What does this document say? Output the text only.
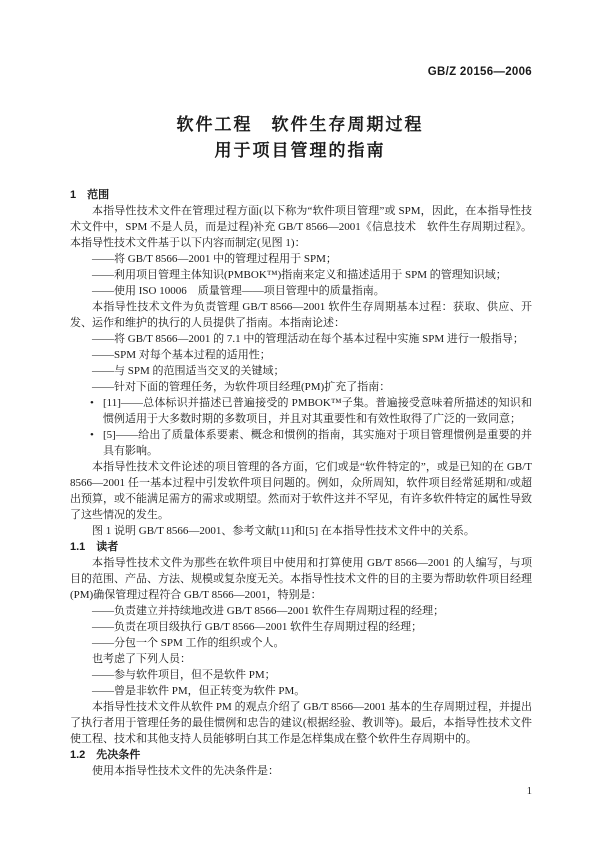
GB/Z 20156—2006
软件工程　软件生存周期过程
用于项目管理的指南
1　范围
本指导性技术文件在管理过程方面(以下称为“软件项目管理”或 SPM，因此，在本指导性技术文件中，SPM 不是人员，而是过程)补充 GB/T 8566—2001《信息技术　软件生存周期过程》。本指导性技术文件基于以下内容而制定(见图 1)：
——将 GB/T 8566—2001 中的管理过程用于 SPM；
——利用项目管理主体知识(PMBOK™)指南来定义和描述适用于 SPM 的管理知识域；
——使用 ISO 10006　质量管理——项目管理中的质量指南。
本指导性技术文件为负责管理 GB/T 8566—2001 软件生存周期基本过程：获取、供应、开发、运作和维护的执行的人员提供了指南。本指南论述：
——将 GB/T 8566—2001 的 7.1 中的管理活动在每个基本过程中实施 SPM 进行一般指导；
——SPM 对每个基本过程的适用性；
——与 SPM 的范围适当交叉的关键域；
——针对下面的管理任务，为软件项目经理(PM)扩充了指南：
• [11]——总体标识并描述已普遍接受的 PMBOK™子集。普遍接受意味着所描述的知识和惯例适用于大多数时期的多数项目，并且对其重要性和有效性取得了广泛的一致同意；
• [5]——给出了质量体系要素、概念和惯例的指南，其实施对于项目管理惯例是重要的并具有影响。
本指导性技术文件论述的项目管理的各方面，它们或是“软件特定的”，或是已知的在 GB/T 8566—2001 任一基本过程中引发软件项目问题的。例如，众所周知，软件项目经常延期和/或超出预算，或不能满足需方的需求或期望。然而对于软件这并不罕见，有许多软件特定的属性导致了这些情况的发生。
图 1 说明 GB/T 8566—2001、参考文献[11]和[5] 在本指导性技术文件中的关系。
1.1　读者
本指导性技术文件为那些在软件项目中使用和打算使用 GB/T 8566—2001 的人编写，与项目的范围、产品、方法、规模或复杂度无关。本指导性技术文件的目的主要为帮助软件项目经理(PM)确保管理过程符合 GB/T 8566—2001，特别是：
——负责建立并持续地改进 GB/T 8566—2001 软件生存周期过程的经理；
——负责在项目级执行 GB/T 8566—2001 软件生存周期过程的经理；
——分包一个 SPM 工作的组织或个人。
也考虑了下列人员：
——参与软件项目，但不是软件 PM；
——曾是非软件 PM，但正转变为软件 PM。
本指导性技术文件从软件 PM 的观点介绍了 GB/T 8566—2001 基本的生存周期过程，并提出了执行者用于管理任务的最佳惯例和忠告的建议(根据经验、教训等)。最后，本指导性技术文件使工程、技术和其他支持人员能够明白其工作是怎样集成在整个软件生存周期中的。
1.2　先决条件
使用本指导性技术文件的先决条件是：
1
